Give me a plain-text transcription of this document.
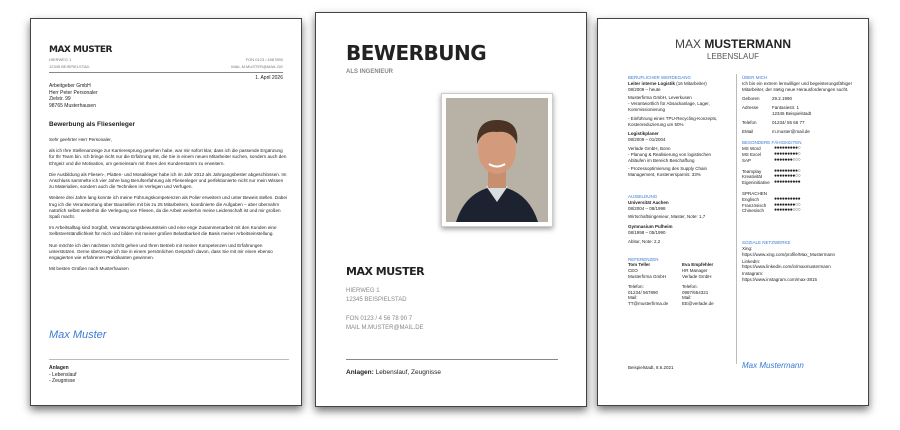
MAX MUSTER
HIERWEG 1
12345 BEISPIELSTAD
FON 0123 / 4567890
MAIL M.MUSTER@MAIL.DE
1. April 2026
Arbeitgeber GmbH
Herr Peter Personaler
Zielstr. 99
98765 Musterhausen
Bewerbung als Fliesenleger

Sehr geehrter Herr Personaler,

als ich Ihre Stellenanzeige zur Karrieresprung gesehen habe, war mir sofort klar, dass ich die passende Ergänzung für Ihr Team bin. Ich bringe nicht nur die Erfahrung mit, die Sie in einem neuen Mitarbeiter suchen, sondern auch den Ehrgeiz und die Motivation, um gemeinsam mit Ihnen den Kundenstamm zu erweitern.

Die Ausbildung als Fliesen-, Platten- und Mosaikleger habe ich im Jahr 2012 als Jahrgangsbester abgeschlossen. Im Anschluss sammelte ich vier Jahre lang Berufserfahrung als Fliesenleger und perfektionierte nicht nur mein Wissen zu Materialien, sondern auch die Techniken im Verlegen und Verfugen.

Weitere drei Jahre lang konnte ich meine Führungskompetenzen als Polier erweitern und unter Beweis stellen. Dabei trug ich die Verantwortung über Baustellen mit bis zu 25 Mitarbeitern, koordinierte die Aufgaben – aber übernahm natürlich selbst weiterhin die Verlegung von Fliesen, da die Arbeit weiterhin meine Leidenschaft ist und mir großen Spaß macht.

Im Arbeitsalltag sind Sorgfalt, Verantwortungsbewusstsein und eine enge Zusammenarbeit mit den Kunden eine Selbstverständlichkeit für mich und bilden mit meiner großen Belastbarkeit die Basis meiner Arbeitseinstellung.

Nun möchte ich den nächsten Schritt gehen und Ihren Betrieb mit meiner Kompetenzen und Erfahrungen unterstützen. Gerne überzeuge ich Sie in einem persönlichen Gespräch davon, dass Sie mit mir einen ebenso engagierten wie erfahrenen Praktikanten gewinnen.

Mit besten Grüßen nach Musterhausen

Max Muster
Anlagen
- Lebenslauf
- Zeugnisse
BEWERBUNG
ALS INGENIEUR
MAX MUSTER
HIERWEG 1
12345 BEISPIELSTAD
FON 0123 / 4 56 78 90 7
MAIL M.MUSTER@MAIL.DE
Anlagen: Lebenslauf, Zeugnisse
MAX MUSTERMANN
LEBENSLAUF
BERUFLICHER WERDEGANG
Leiter interne Logistik (16 Mitarbeiter)
08/2009 – heute
Musterfirma GmbH, Leverkusen
- Verantwortlich für Absackanlage, Lager, Kommissionierung
- Einführung eines TPU-Recycling-Konzepts, Kostenreduzierung um 50%
Logistikplaner
08/2009 – 01/2004
Verlade GmbH, Bonn
- Planung & Realisierung von logistischen Abläufen im Bereich Beschaffung
- Prozessoptimierung des Supply Chain Management, Kostenersparnis: 33%
AUSBILDUNG
Universität Aachen
08/2004 – 08/1998
Wirtschaftsingenieur, Master, Note: 1,7
Gymnasium Pulheim
08/1998 – 05/1990
Abitur, Note: 2,2
REFERENZEN
Tom Teller
CEO
Musterfirma GmbH
Telefon:
01234/ 567890
Mail:
TT@musterfirma.de
Eva Empfehler
HR Manager
Verlade GmbH
Telefon:
0987/654321
Mail:
EE@verlade.de
ÜBER MICH
Ich bin ein extrem lernwilliger und begeisterungsfähiger Mitarbeiter, der stetig neue Herausforderungen sucht.
Geboren	29.2.1990
Adresse	Fantasiestr. 1
12345 Beispielstadt
Telefon	01234/ 55 66 77
EMail	m.muster@mail.de
BESONDERE FÄHIGKEITEN
MS Word	●●●●●●●●●○
MS Excel	●●●●●●●●●○
SAP	●●●●●●●○○○
Teamplay	●●●●●●●●●○
Kreativität	●●●●●●●●○○
Eigeninitiative ●●●●●●●●●●
SPRACHEN
Englisch	●●●●●●●●●●
Französisch	●●●●●●●●○○
Chinesisch	●●●●●●●○○○
SOZIALE NETZWERKE
Xing:
https://www.xing.com/profile/Max_Mustermann
LinkedIn:
https://www.linkedin.com/in/maxmustermann
Instagram:
https://www.instagram.com/max-3815
Beispielstadt, 8.6.2021	Max Mustermann
